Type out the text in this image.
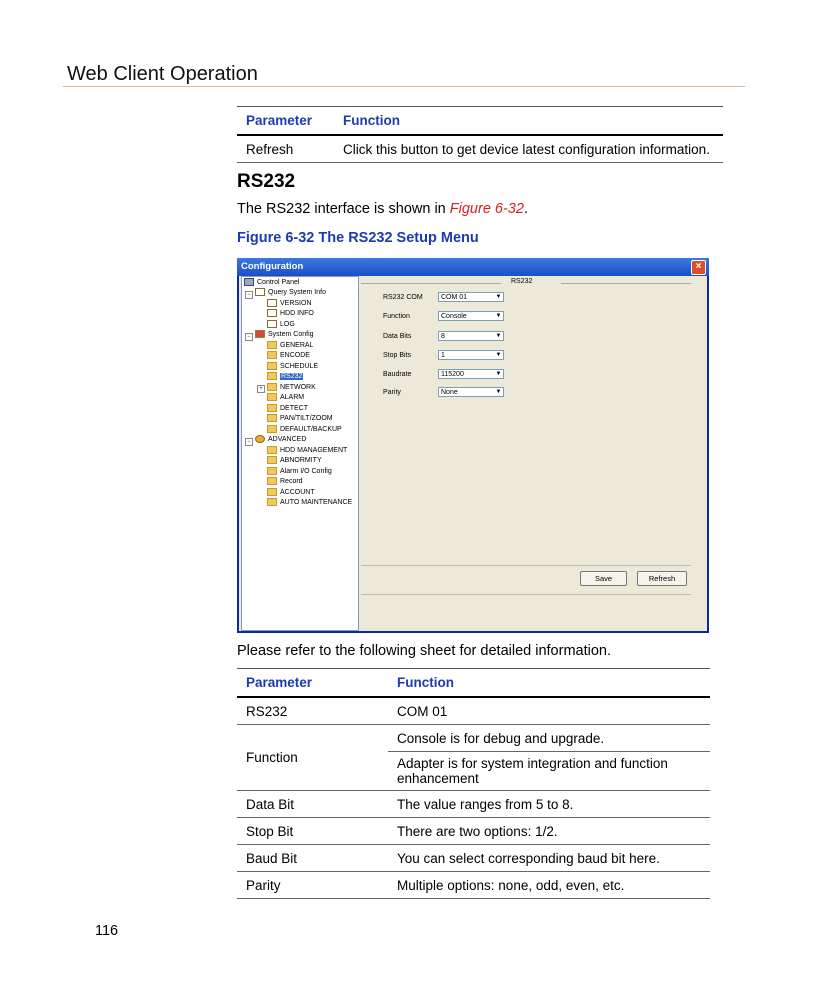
Web Client Operation
Parameter	Function
Refresh	Click this button to get device latest configuration information.
RS232
The RS232 interface is shown in Figure 6-32.
Figure 6-32 The RS232 Setup Menu
Configuration	×
Control Panel
−	Query System Info
VERSION
HDD INFO
LOG
−	System Config
GENERAL
ENCODE
SCHEDULE
RS232
+	NETWORK
ALARM
DETECT
PAN/TILT/ZOOM
DEFAULT/BACKUP
−	ADVANCED
HDD MANAGEMENT
ABNORMITY
Alarm I/O Config
Record
ACCOUNT
AUTO MAINTENANCE
RS232
RS232 COM	COM 01	▼
Function	Console	▼
Data Bits	8	▼
Stop Bits	1	▼
Baudrate	115200	▼
Parity	None	▼
Save	Refresh
Please refer to the following sheet for detailed information.
Parameter	Function
RS232	COM 01
Function	Console is for debug and upgrade.
	Adapter is for system integration and function enhancement
Data Bit	The value ranges from 5 to 8.
Stop Bit	There are two options: 1/2.
Baud Bit	You can select corresponding baud bit here.
Parity	Multiple options: none, odd, even, etc.
116
